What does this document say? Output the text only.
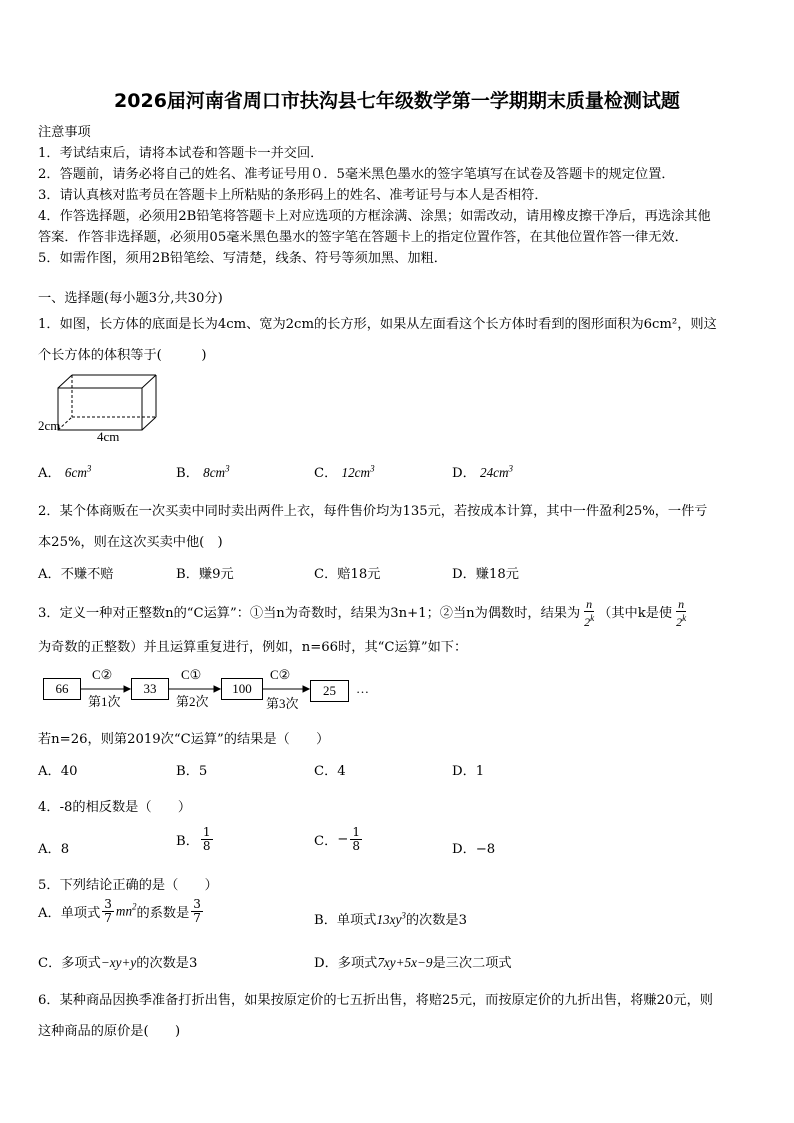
2026届河南省周口市扶沟县七年级数学第一学期期末质量检测试题
注意事项
1．考试结束后，请将本试卷和答题卡一并交回．
2．答题前，请务必将自己的姓名、准考证号用０．5毫米黑色墨水的签字笔填写在试卷及答题卡的规定位置．
3．请认真核对监考员在答题卡上所粘贴的条形码上的姓名、准考证号与本人是否相符．
4．作答选择题，必须用2B铅笔将答题卡上对应选项的方框涂满、涂黑；如需改动，请用橡皮擦干净后，再选涂其他
答案．作答非选择题，必须用05毫米黑色墨水的签字笔在答题卡上的指定位置作答，在其他位置作答一律无效．
5．如需作图，须用2B铅笔绘、写清楚，线条、符号等须加黑、加粗．
一、选择题(每小题3分,共30分)
1．如图，长方体的底面是长为4cm、宽为2cm的长方形，如果从左面看这个长方体时看到的图形面积为6cm²，则这
个长方体的体积等于(　　　)
2cm
4cm
A． $6cm^3$	B． $8cm^3$	C． $12cm^3$	D． $24cm^3$
2．某个体商贩在一次买卖中同时卖出两件上衣，每件售价均为135元，若按成本计算，其中一件盈利25%，一件亏
本25%，则在这次买卖中他(　)
A．不赚不赔	B．赚9元	C．赔18元	D．赚18元
3．定义一种对正整数n的“C运算”：①当n为奇数时，结果为3n+1；②当n为偶数时，结果为 $\frac{n}{2^k}$ （其中k是使 $\frac{n}{2^k}$
为奇数的正整数）并且运算重复进行，例如，n=66时，其“C运算”如下：
66	33	100	25	…
C②	C①	C②
第1次	第2次	第3次
若n=26，则第2019次“C运算”的结果是（　　）
A．40	B．5	C．4	D．1
4．-8的相反数是（　　）
A．8
B． $\frac{1}{8}$	C．− $\frac{1}{8}$	D．−8
5．下列结论正确的是（　　）
A．单项式 $\frac{3}{7} mn^2$的系数是 $\frac{3}{7}$	B．单项式$13xy^3$的次数是3
C．多项式−xy+y的次数是3	D．多项式7xy+5x−9是三次二项式
6．某种商品因换季准备打折出售，如果按原定价的七五折出售，将赔25元，而按原定价的九折出售，将赚20元，则
这种商品的原价是(　　)
